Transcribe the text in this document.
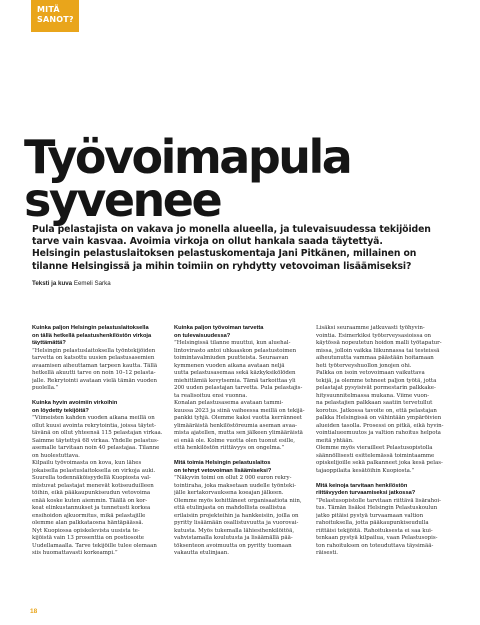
MITÄ
SANOT?
Työvoimapula
syvenee

Pula pelastajista on vakava jo monella alueella, ja tulevaisuudessa tekijöiden
tarve vain kasvaa. Avoimia virkoja on ollut hankala saada täytettyä.
Helsingin pelastuslaitoksen pelastuskomentaja Jani Pitkänen, millainen on
tilanne Helsingissä ja mihin toimiin on ryhdytty vetovoiman lisäämiseksi?

Teksti ja kuva Eemeli Sarka
Kuinka paljon Helsingin pelastuslaitoksella
on tällä hetkellä pelastushenkilöstön virkoja
täyttämättä?
”Helsingin pelastuslaitoksella työntekijöiden
tarvetta on katsottu uusien pelastusasemien
avaamisen aiheuttaman tarpeen kautta. Tällä
hetkellä akuutti tarve on noin 10–12 pelasta-
jalle. Rekrytointi avataan vielä tämän vuoden
puolella.”
Kuinka hyvin avoimiin virkoihin
on löydetty tekijöitä?
”Viimeisten kahden vuoden aikana meillä on
ollut kuusi avointa rekrytointia, joissa täytet-
tävänä on ollut yhteensä 115 pelastajan virkaa.
Saimme täytettyä 68 virkaa. Yhdelle pelastus-
asemalle tarvitaan noin 40 pelastajaa. Tilanne
on huolestuttava.
Kilpailu työvoimasta on kova, kun lähes
jokaisella pelastuslaitoksella on virkoja auki.
Suurella todennäköisyydellä Kuopiosta val-
mistuvat pelastajat menevät kotiseuduilleen
töihin, eikä pääkaupunkiseudun vetovoima
enää koske kuten aiemmin. Täällä on kor-
keat elinkustannukset ja tunnetusti korkea
ensihoidon ajkuormitus, mikä pelastajille
olemme alan palkkataosna häntäpäässä.
Nyt Kuopiossa opiskelevista uusista te-
kijöistä vain 13 prosenttia on postiosoite
Uudellamaalla. Tarve tekijöille tulee olemaan
siis huomattavasti korkeampi.”
Kuinka paljon työvoiman tarvetta
on tulevaisuudessa?
”Helsingissä tilanne muuttui, kun aluehal-
lintovirasto antoi uhkaaskon pelastustoimen
toimintavalmiuden puutteista. Seuraavan
kymmenen vuoden aikana avataan neljä
uutta pelastusasemaa sekä käzkyksikölöden
miehittämiä kevytsemia. Tämä tarkoittaa yli
200 uuden pelastajan tarvetta. Pula pelastajis-
ta realisoituu ensi vuonna.
Konalan pelastusasema avataan tammi-
kuussa 2023 ja siinä vaiheessa meillä on tekijä-
pankki tyhjä. Olemme kaksi vuotta kerränneet
ylimääräistä henkilöstöreumia aseman avaa-
mista ajatellen, mutta sen jälkeen ylimääräistä
ei enää ole. Kolme vuotta olen tuonut esille,
että henkilöstön riittävyys on ongelma.”
Mitä toimia Helsingin pelastuslaitos
on tehnyt vetovoiman lisäämiseksi?
”Näkyvin toimi on ollut 2 000 euron rekry-
tointiraha, joka maksetaan uudelle työnteki-
jälle kertakorvauksena koeajan jälkeen.
Olemme myös kehittäneet organisaatiota niin,
että etulinjasta on mahdollista osallistua
erilaisiin projekteihin ja hankkeisiin, joilla on
pyritty lisäämään osallistuvuutta ja vuorovai-
kutusta. Myös tukemalla lähiesihenkilöitöä,
vahvistamalla koulutusta ja lisäämällä pää-
töksenteon avoimuutta on pyritty tuomaan
vakautta etulinjaan.
Lisäksi seuraamme jatkuvasti työhyvin-
vointia. Esimerkiksi työterveysasioissa on
käytössä nopeutetun hoidon malli työtapatur-
missa, jolloin vaikka liikunnassa tai testeissä
aiheutunutta vammaa päästään hoitamaan
heti työterveyshuollon jonojen ohi.
Palkka on isoin vetovoimaan vaikuttava
tekijä, ja olemme tehneet paljon työtä, jotta
pelastajat pysyisivät pormestarin palkkake-
hitysuunnitelmassa mukana. Viime vuon-
na pelastajien palkkaan saatiin tervetullut
korotus. Jatkossa tavoite on, että pelastajan
palkka Helsingissä on vähintään ympäröivien
alueiden tasolla. Prosessi on pitkä, eikä hyvin-
vointialueemuutos ja valtion rahoitus helpota
meitä yhtään.
Olemme myös vierailleet Pelastusopistolla
säännöllisesti esittelemässä toimintaamme
opiskelijoille sekä palkanneet joka kesä pelas-
tajaoppilaita kesätöihin Kuopiosta.”
Mitä keinoja tarvitaan henkilöstön
riittävyyden turvaamiseksi jatkossa?
”Pelastusopistolle tarvitaan riittävä lisärahoi-
tus. Tämän lisäksi Helsingin Pelastuskoulun
jatko pitäisi pystyä turvaamaan valtion
rahoituksella, jotta pääkaupunkiseudulla
riittäisi tekijöitä. Rahoituksesta ei saa kui-
tenkaan pystyä kilpailua, vaan Pelastusopis-
ton rahoituksen on toteuduttava täysimää-
räisesti.
18
